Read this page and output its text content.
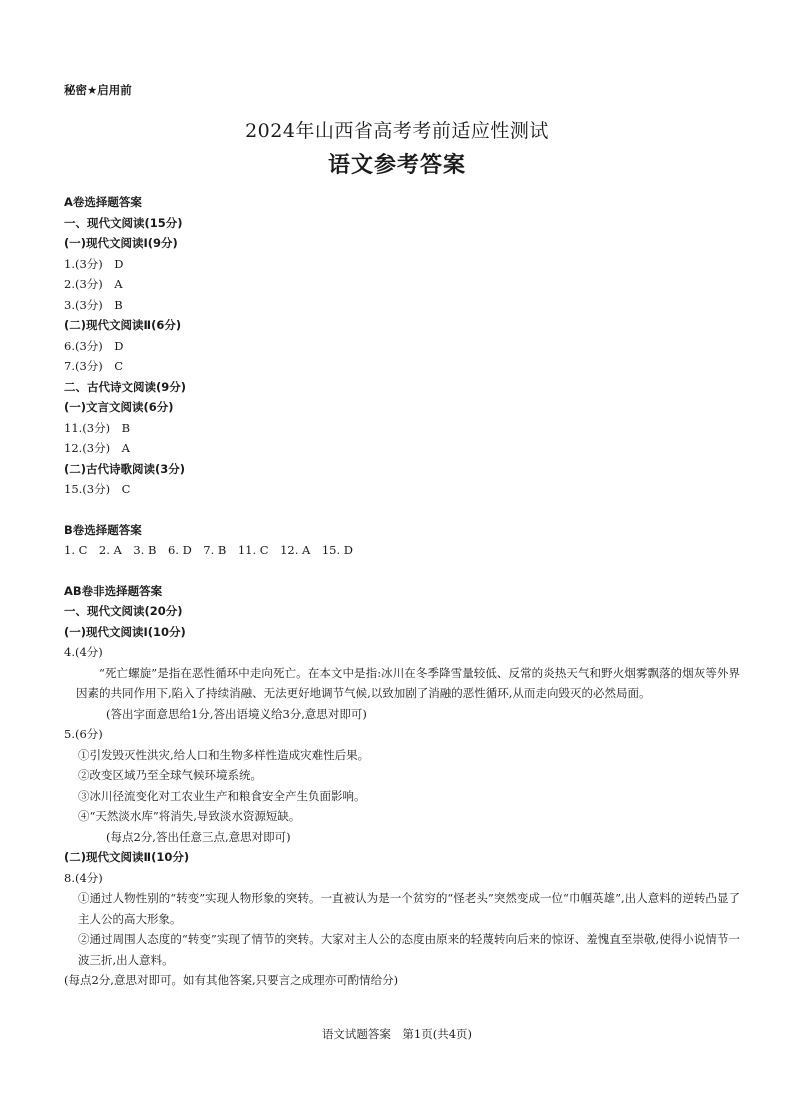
秘密★启用前
2024年山西省高考考前适应性测试
语文参考答案
A卷选择题答案
一、现代文阅读(15分)
(一)现代文阅读Ⅰ(9分)
1.(3分)　D
2.(3分)　A
3.(3分)　B
(二)现代文阅读Ⅱ(6分)
6.(3分)　D
7.(3分)　C
二、古代诗文阅读(9分)
(一)文言文阅读(6分)
11.(3分)　B
12.(3分)　A
(二)古代诗歌阅读(3分)
15.(3分)　C
B卷选择题答案
1. C　2. A　3. B　6. D　7. B　11. C　12. A　15. D
AB卷非选择题答案
一、现代文阅读(20分)
(一)现代文阅读Ⅰ(10分)
4.(4分)
“死亡螺旋”是指在恶性循环中走向死亡。在本文中是指:冰川在冬季降雪量较低、反常的炎热天气和野火烟雾飘落的烟灰等外界因素的共同作用下,陷入了持续消融、无法更好地调节气候,以致加剧了消融的恶性循环,从而走向毁灭的必然局面。
(答出字面意思给1分,答出语境义给3分,意思对即可)
5.(6分)
①引发毁灭性洪灾,给人口和生物多样性造成灾难性后果。
②改变区域乃至全球气候环境系统。
③冰川径流变化对工农业生产和粮食安全产生负面影响。
④“天然淡水库”将消失,导致淡水资源短缺。
(每点2分,答出任意三点,意思对即可)
(二)现代文阅读Ⅱ(10分)
8.(4分)
①通过人物性别的“转变”实现人物形象的突转。一直被认为是一个贫穷的“怪老头”突然变成一位“巾帼英雄”,出人意料的逆转凸显了主人公的高大形象。
②通过周围人态度的“转变”实现了情节的突转。大家对主人公的态度由原来的轻蔑转向后来的惊讶、羞愧直至崇敬,使得小说情节一波三折,出人意料。
(每点2分,意思对即可。如有其他答案,只要言之成理亦可酌情给分)
语文试题答案　第1页(共4页)
